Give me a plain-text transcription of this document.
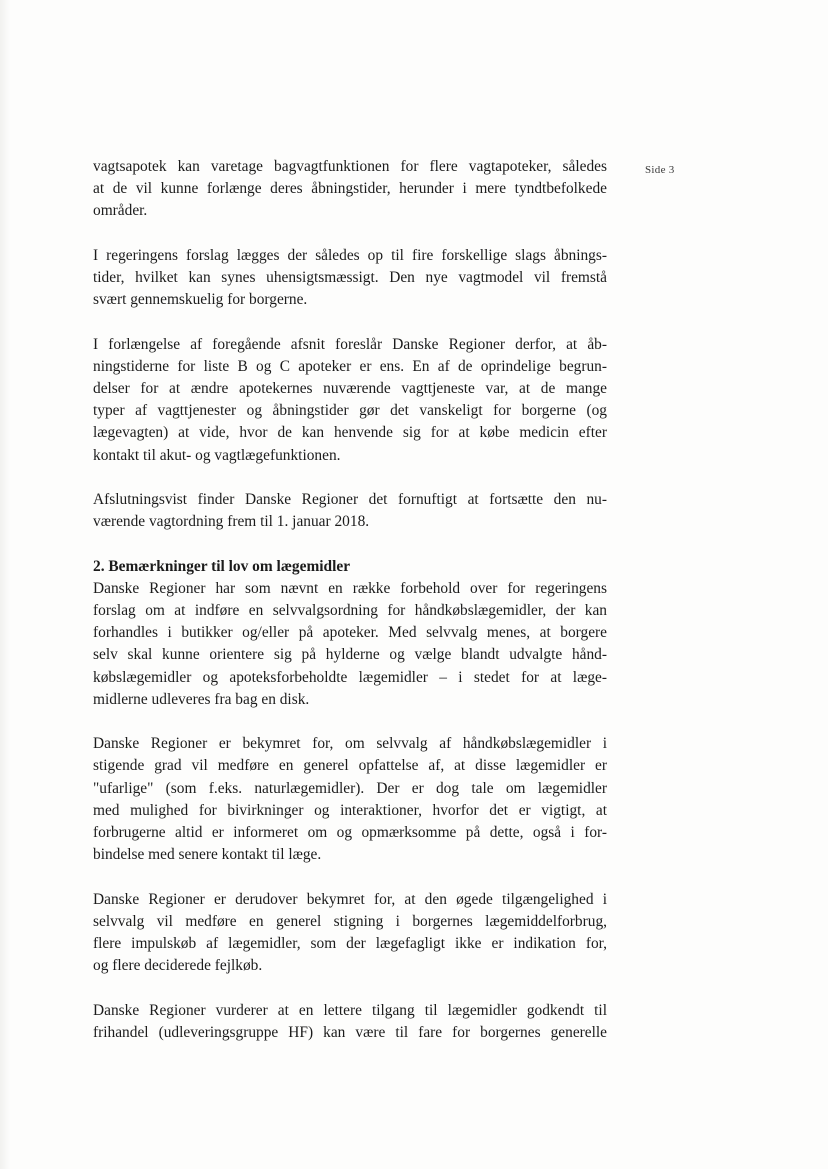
Side 3
vagtsapotek kan varetage bagvagtfunktionen for flere vagtapoteker, således
at de vil kunne forlænge deres åbningstider, herunder i mere tyndtbefolkede
områder.
I regeringens forslag lægges der således op til fire forskellige slags åbnings-
tider, hvilket kan synes uhensigtsmæssigt. Den nye vagtmodel vil fremstå
svært gennemskuelig for borgerne.
I forlængelse af foregående afsnit foreslår Danske Regioner derfor, at åb-
ningstiderne for liste B og C apoteker er ens. En af de oprindelige begrun-
delser for at ændre apotekernes nuværende vagttjeneste var, at de mange
typer af vagttjenester og åbningstider gør det vanskeligt for borgerne (og
lægevagten) at vide, hvor de kan henvende sig for at købe medicin efter
kontakt til akut- og vagtlægefunktionen.
Afslutningsvist finder Danske Regioner det fornuftigt at fortsætte den nu-
værende vagtordning frem til 1. januar 2018.
2. Bemærkninger til lov om lægemidler
Danske Regioner har som nævnt en række forbehold over for regeringens
forslag om at indføre en selvvalgsordning for håndkøbslægemidler, der kan
forhandles i butikker og/eller på apoteker. Med selvvalg menes, at borgere
selv skal kunne orientere sig på hylderne og vælge blandt udvalgte hånd-
købslægemidler og apoteksforbeholdte lægemidler – i stedet for at læge-
midlerne udleveres fra bag en disk.
Danske Regioner er bekymret for, om selvvalg af håndkøbslægemidler i
stigende grad vil medføre en generel opfattelse af, at disse lægemidler er
"ufarlige" (som f.eks. naturlægemidler). Der er dog tale om lægemidler
med mulighed for bivirkninger og interaktioner, hvorfor det er vigtigt, at
forbrugerne altid er informeret om og opmærksomme på dette, også i for-
bindelse med senere kontakt til læge.
Danske Regioner er derudover bekymret for, at den øgede tilgængelighed i
selvvalg vil medføre en generel stigning i borgernes lægemiddelforbrug,
flere impulskøb af lægemidler, som der lægefagligt ikke er indikation for,
og flere deciderede fejlkøb.
Danske Regioner vurderer at en lettere tilgang til lægemidler godkendt til
frihandel (udleveringsgruppe HF) kan være til fare for borgernes generelle
